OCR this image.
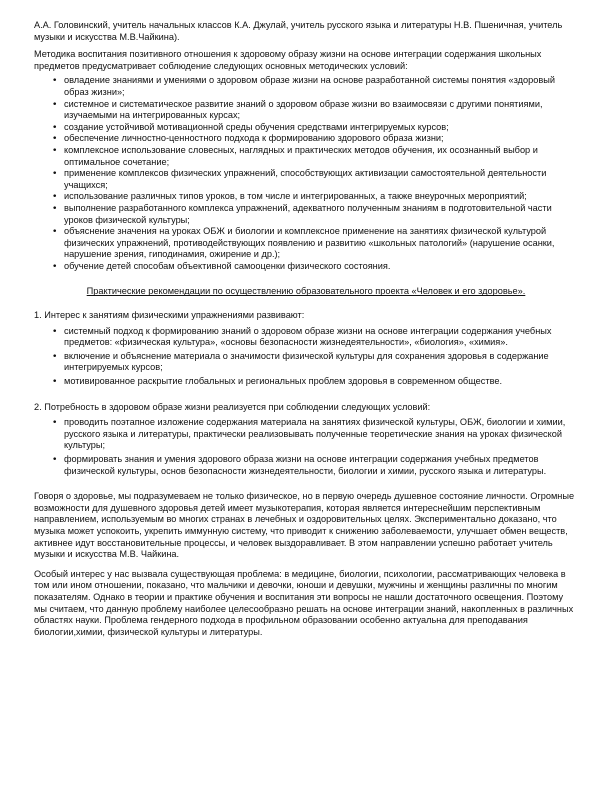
А.А. Головинский, учитель начальных классов К.А. Джулай, учитель русского языка и литературы Н.В. Пшеничная, учитель музыки и искусства М.В.Чайкина).

Методика воспитания позитивного отношения к здоровому образу жизни на основе интеграции содержания школьных предметов предусматривает соблюдение следующих основных методических условий:

• овладение знаниями и умениями о здоровом образе жизни на основе разработанной системы понятия «здоровый образ жизни»;
• системное и систематическое развитие знаний о здоровом образе жизни во взаимосвязи с другими понятиями, изучаемыми на интегрированных курсах;
• создание устойчивой мотивационной среды обучения средствами интегрируемых курсов;
• обеспечение личностно-ценностного подхода к формированию здорового образа жизни;
• комплексное использование словесных, наглядных и практических методов обучения, их осознанный выбор и оптимальное сочетание;
• применение комплексов физических упражнений, способствующих активизации самостоятельной деятельности учащихся;
• использование различных типов уроков, в том числе и интегрированных, а также внеурочных мероприятий;
• выполнение разработанного комплекса упражнений, адекватного полученным знаниям в подготовительной части уроков физической культуры;
• объяснение значения на уроках ОБЖ и биологии и комплексное применение на занятиях физической культурой физических упражнений, противодействующих появлению и развитию «школьных патологий» (нарушение осанки, нарушение зрения, гиподинамия, ожирение и др.);
• обучение детей способам объективной самооценки физического состояния.

Практические рекомендации по осуществлению образовательного проекта «Человек и его здоровье».

1. Интерес к занятиям физическими упражнениями развивают:

• системный подход к формированию знаний о здоровом образе жизни на основе интеграции содержания учебных предметов: «физическая культура», «основы безопасности жизнедеятельности», «биология», «химия».
• включение и объяснение материала о значимости физической культуры для сохранения здоровья в содержание интегрируемых курсов;
• мотивированное раскрытие глобальных и региональных проблем здоровья в современном обществе.

2. Потребность в здоровом образе жизни реализуется при соблюдении следующих условий:

• проводить поэтапное изложение содержания материала на занятиях физической культуры, ОБЖ, биологии и химии, русского языка и литературы, практически реализовывать полученные теоретические знания на уроках физической культуры;
• формировать знания и умения здорового образа жизни на основе интеграции содержания учебных предметов физической культуры, основ безопасности жизнедеятельности, биологии и химии, русского языка и литературы.

Говоря о здоровье, мы подразумеваем не только физическое, но в первую очередь душевное состояние личности. Огромные возможности для душевного здоровья детей имеет музыкотерапия, которая является интереснейшим перспективным направлением, используемым во многих странах в лечебных и оздоровительных целях. Экспериментально доказано, что музыка может успокоить, укрепить иммунную систему, что приводит к снижению заболеваемости, улучшает обмен веществ, активнее идут восстановительные процессы, и человек выздоравливает. В этом направлении успешно работает учитель музыки и искусства М.В. Чайкина.

Особый интерес у нас вызвала существующая проблема: в медицине, биологии, психологии, рассматривающих человека в том или ином отношении, показано, что мальчики и девочки, юноши и девушки, мужчины и женщины различны по многим показателям. Однако в теории и практике обучения и воспитания эти вопросы не нашли достаточного освещения. Поэтому мы считаем, что данную проблему наиболее целесообразно решать на основе интеграции знаний, накопленных в различных областях науки. Проблема гендерного подхода в профильном образовании особенно актуальна для преподавания биологии,химии, физической культуры и литературы.
